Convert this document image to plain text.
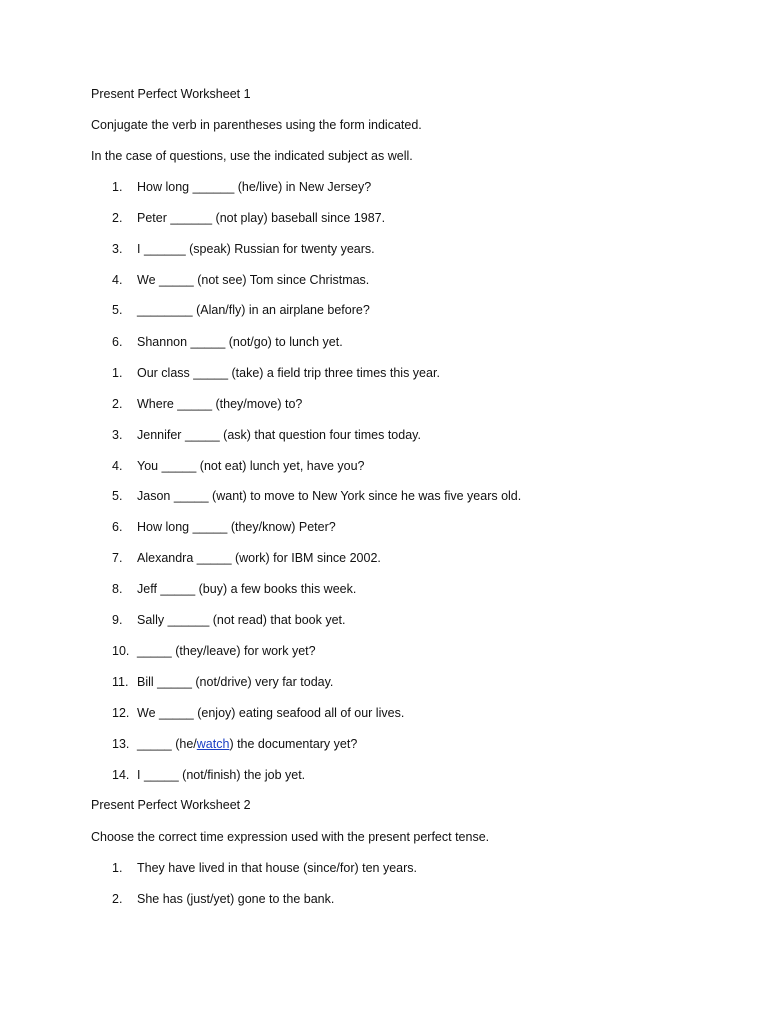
Present Perfect Worksheet 1
Conjugate the verb in parentheses using the form indicated.
In the case of questions, use the indicated subject as well.
1.	How long ______ (he/live) in New Jersey?
2.	Peter ______ (not play) baseball since 1987.
3.	I ______ (speak) Russian for twenty years.
4.	We _____ (not see) Tom since Christmas.
5.	________ (Alan/fly) in an airplane before?
6.	Shannon _____ (not/go) to lunch yet.
1.	Our class _____ (take) a field trip three times this year.
2.	Where _____ (they/move) to?
3.	Jennifer _____ (ask) that question four times today.
4.	You _____ (not eat) lunch yet, have you?
5.	Jason _____ (want) to move to New York since he was five years old.
6.	How long _____ (they/know) Peter?
7.	Alexandra _____ (work) for IBM since 2002.
8.	Jeff _____ (buy) a few books this week.
9.	Sally ______ (not read) that book yet.
10. _____ (they/leave) for work yet?
11. Bill _____ (not/drive) very far today.
12. We _____ (enjoy) eating seafood all of our lives.
13. _____ (he/watch) the documentary yet?
14. I _____ (not/finish) the job yet.
Present Perfect Worksheet 2
Choose the correct time expression used with the present perfect tense.
1.	They have lived in that house (since/for) ten years.
2.	She has (just/yet) gone to the bank.
